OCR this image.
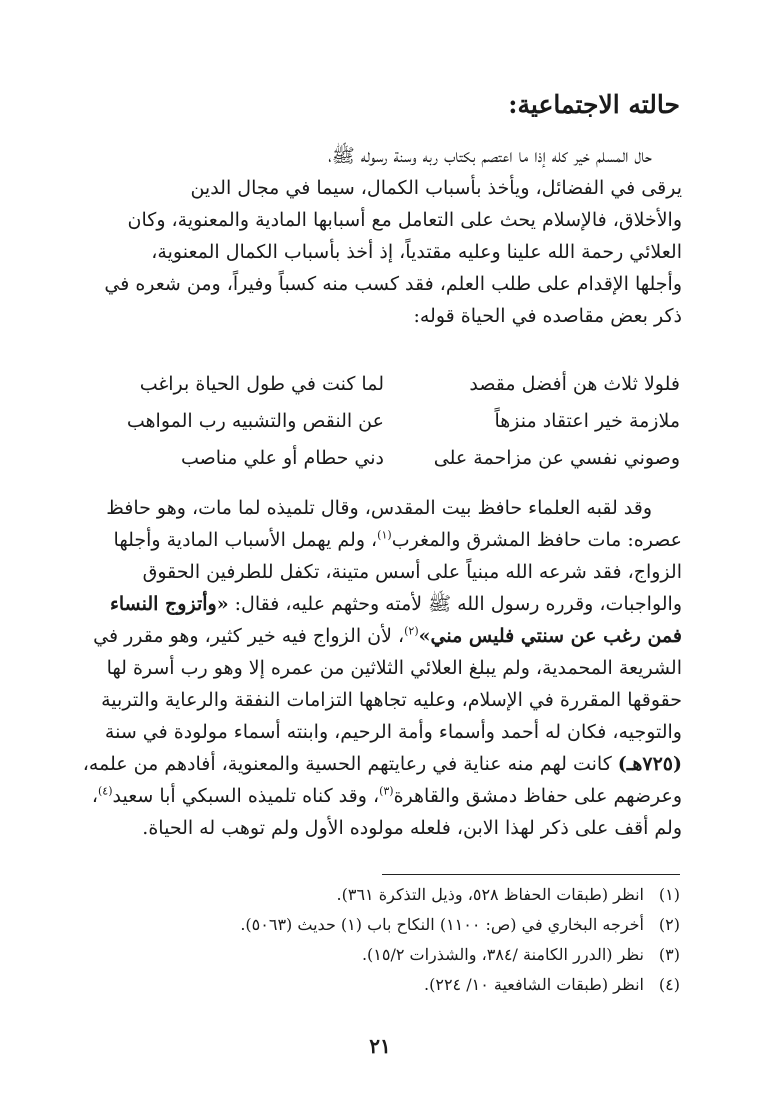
حالته الاجتماعية:
حال المسلم خير كله إذا ما اعتصم بكتاب ربه وسنة رسوله ﷺ،
يرقى في الفضائل، ويأخذ بأسباب الكمال، سيما في مجال الدين
والأخلاق، فالإسلام يحث على التعامل مع أسبابها المادية والمعنوية، وكان
العلائي رحمة الله علينا وعليه مقتدياً، إذ أخذ بأسباب الكمال المعنوية،
وأجلها الإقدام على طلب العلم، فقد كسب منه كسباً وفيراً، ومن شعره في
ذكر بعض مقاصده في الحياة قوله:
فلولا ثلاث هن أفضل مقصد
لما كنت في طول الحياة براغب
ملازمة خير اعتقاد منزهاً
عن النقص والتشبيه رب المواهب
وصوني نفسي عن مزاحمة على
دني حطام أو علي مناصب
وقد لقبه العلماء حافظ بيت المقدس، وقال تلميذه لما مات، وهو حافظ
عصره: مات حافظ المشرق والمغرب$^{(١)}$، ولم يهمل الأسباب المادية وأجلها
الزواج، فقد شرعه الله مبنياً على أسس متينة، تكفل للطرفين الحقوق
والواجبات، وقرره رسول الله ﷺ لأمته وحثهم عليه، فقال: «وأتزوج النساء
فمن رغب عن سنتي فليس مني»$^{(٢)}$، لأن الزواج فيه خير كثير، وهو مقرر في
الشريعة المحمدية، ولم يبلغ العلائي الثلاثين من عمره إلا وهو رب أسرة لها
حقوقها المقررة في الإسلام، وعليه تجاهها التزامات النفقة والرعاية والتربية
والتوجيه، فكان له أحمد وأسماء وأمة الرحيم، وابنته أسماء مولودة في سنة
(٧٢٥هـ) كانت لهم منه عناية في رعايتهم الحسية والمعنوية، أفادهم من علمه،
وعرضهم على حفاظ دمشق والقاهرة$^{(٣)}$، وقد كناه تلميذه السبكي أبا سعيد$^{(٤)}$،
ولم أقف على ذكر لهذا الابن، فلعله مولوده الأول ولم توهب له الحياة.
(١)
انظر (طبقات الحفاظ ٥٢٨، وذيل التذكرة ٣٦١).
(٢)
أخرجه البخاري في (ص: ١١٠٠) النكاح باب (١) حديث (٥٠٦٣).
(٣)
نظر (الدرر الكامنة /٣٨٤، والشذرات ١٥/٢).
(٤)
انظر (طبقات الشافعية ١٠/ ٢٢٤).
٢١
